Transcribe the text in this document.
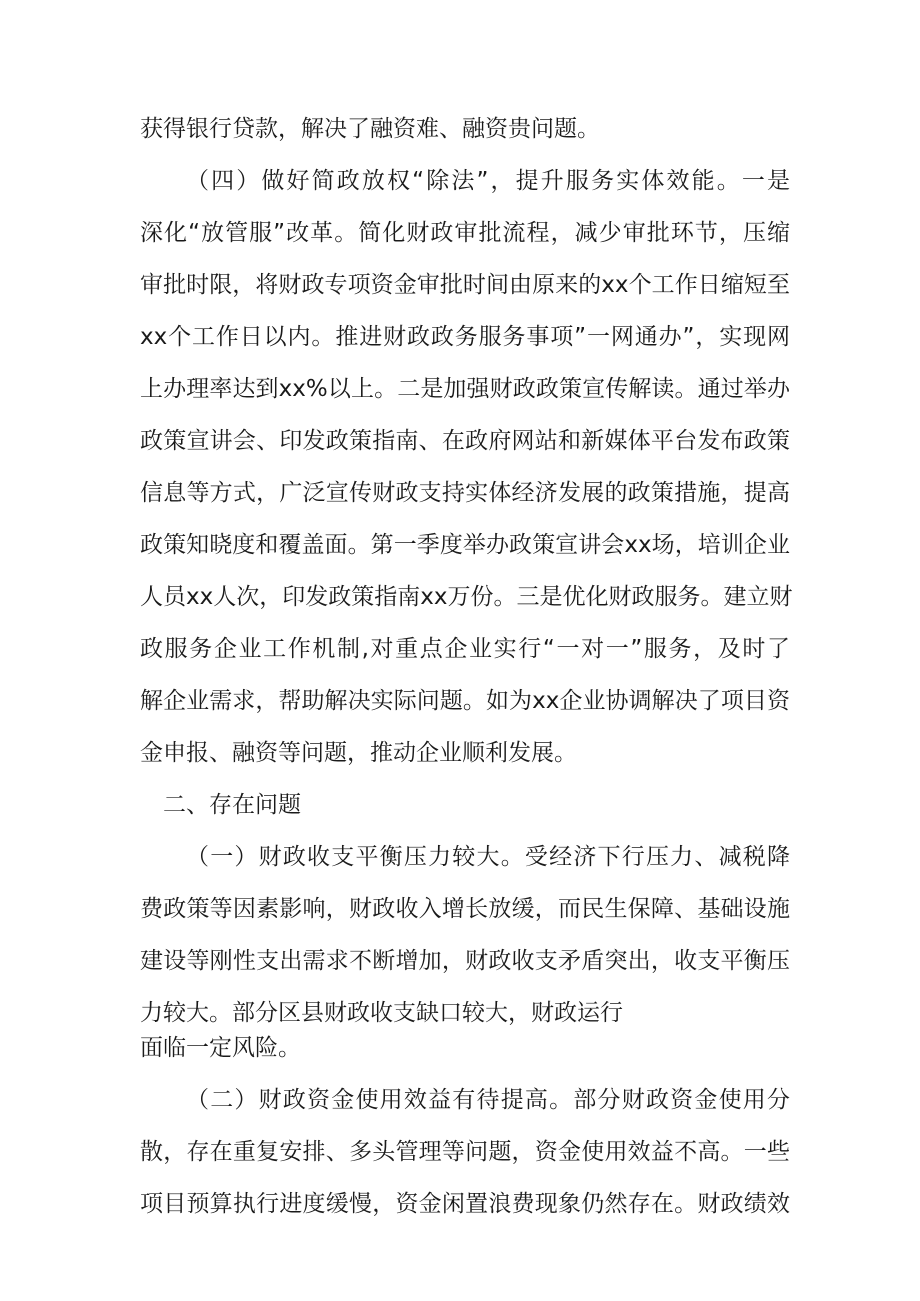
获得银行贷款，解决了融资难、融资贵问题。
（四）做好简政放权“除法”，提升服务实体效能。一是
深化“放管服”改革。简化财政审批流程，减少审批环节，压缩
审批时限，将财政专项资金审批时间由原来的xx个工作日缩短至
xx个工作日以内。推进财政政务服务事项”一网通办”，实现网
上办理率达到xx%以上。二是加强财政政策宣传解读。通过举办
政策宣讲会、印发政策指南、在政府网站和新媒体平台发布政策
信息等方式，广泛宣传财政支持实体经济发展的政策措施，提高
政策知晓度和覆盖面。第一季度举办政策宣讲会xx场，培训企业
人员xx人次，印发政策指南xx万份。三是优化财政服务。建立财
政服务企业工作机制,对重点企业实行“一对一”服务，及时了
解企业需求，帮助解决实际问题。如为xx企业协调解决了项目资
金申报、融资等问题，推动企业顺利发展。
二、存在问题
（一）财政收支平衡压力较大。受经济下行压力、减税降
费政策等因素影响，财政收入增长放缓，而民生保障、基础设施
建设等刚性支出需求不断增加，财政收支矛盾突出，收支平衡压
力较大。部分区县财政收支缺口较大，财政运行
面临一定风险。
（二）财政资金使用效益有待提高。部分财政资金使用分
散，存在重复安排、多头管理等问题，资金使用效益不高。一些
项目预算执行进度缓慢，资金闲置浪费现象仍然存在。财政绩效
